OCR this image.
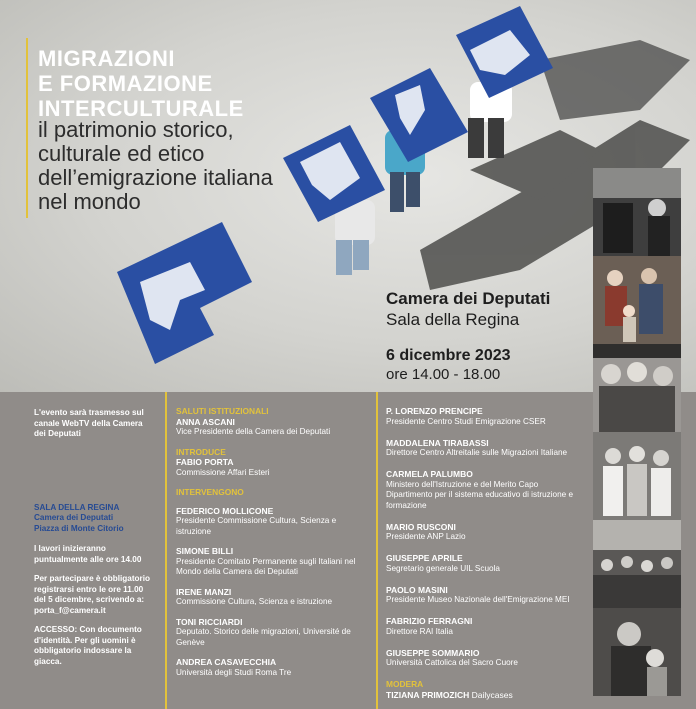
MIGRAZIONI
E FORMAZIONE
INTERCULTURALE
il patrimonio storico,
culturale ed etico
dell’emigrazione italiana
nel mondo
Camera dei Deputati
Sala della Regina
6 dicembre 2023
ore 14.00 - 18.00
L'evento sarà trasmesso sul canale WebTV della Camera dei Deputati
SALA DELLA REGINA
Camera dei Deputati
Piazza di Monte Citorio
I lavori inizieranno puntualmente alle ore 14.00
Per partecipare è obbligatorio registrarsi entro le ore 11.00 del 5 dicembre, scrivendo a: porta_f@camera.it
ACCESSO: Con documento d'identità. Per gli uomini è obbligatorio indossare la giacca.
SALUTI ISTITUZIONALI
ANNA ASCANI
Vice Presidente della Camera dei Deputati
INTRODUCE
FABIO PORTA
Commissione Affari Esteri
INTERVENGONO
FEDERICO MOLLICONE
Presidente Commissione Cultura, Scienza e istruzione
SIMONE BILLI
Presidente Comitato Permanente sugli Italiani nel Mondo della Camera dei Deputati
IRENE MANZI
Commissione Cultura, Scienza e istruzione
TONI RICCIARDI
Deputato. Storico delle migrazioni, Université de Genève
ANDREA CASAVECCHIA
Università degli Studi Roma Tre
P. LORENZO PRENCIPE
Presidente Centro Studi Emigrazione CSER
MADDALENA TIRABASSI
Direttore Centro Altreitalie sulle Migrazioni Italiane
CARMELA PALUMBO
Ministero dell'Istruzione e del Merito Capo Dipartimento per il sistema educativo di istruzione e formazione
MARIO RUSCONI
Presidente ANP Lazio
GIUSEPPE APRILE
Segretario generale UIL Scuola
PAOLO MASINI
Presidente Museo Nazionale dell'Emigrazione MEI
FABRIZIO FERRAGNI
Direttore RAI Italia
GIUSEPPE SOMMARIO
Università Cattolica del Sacro Cuore
MODERA
TIZIANA PRIMOZICH Dailycases
